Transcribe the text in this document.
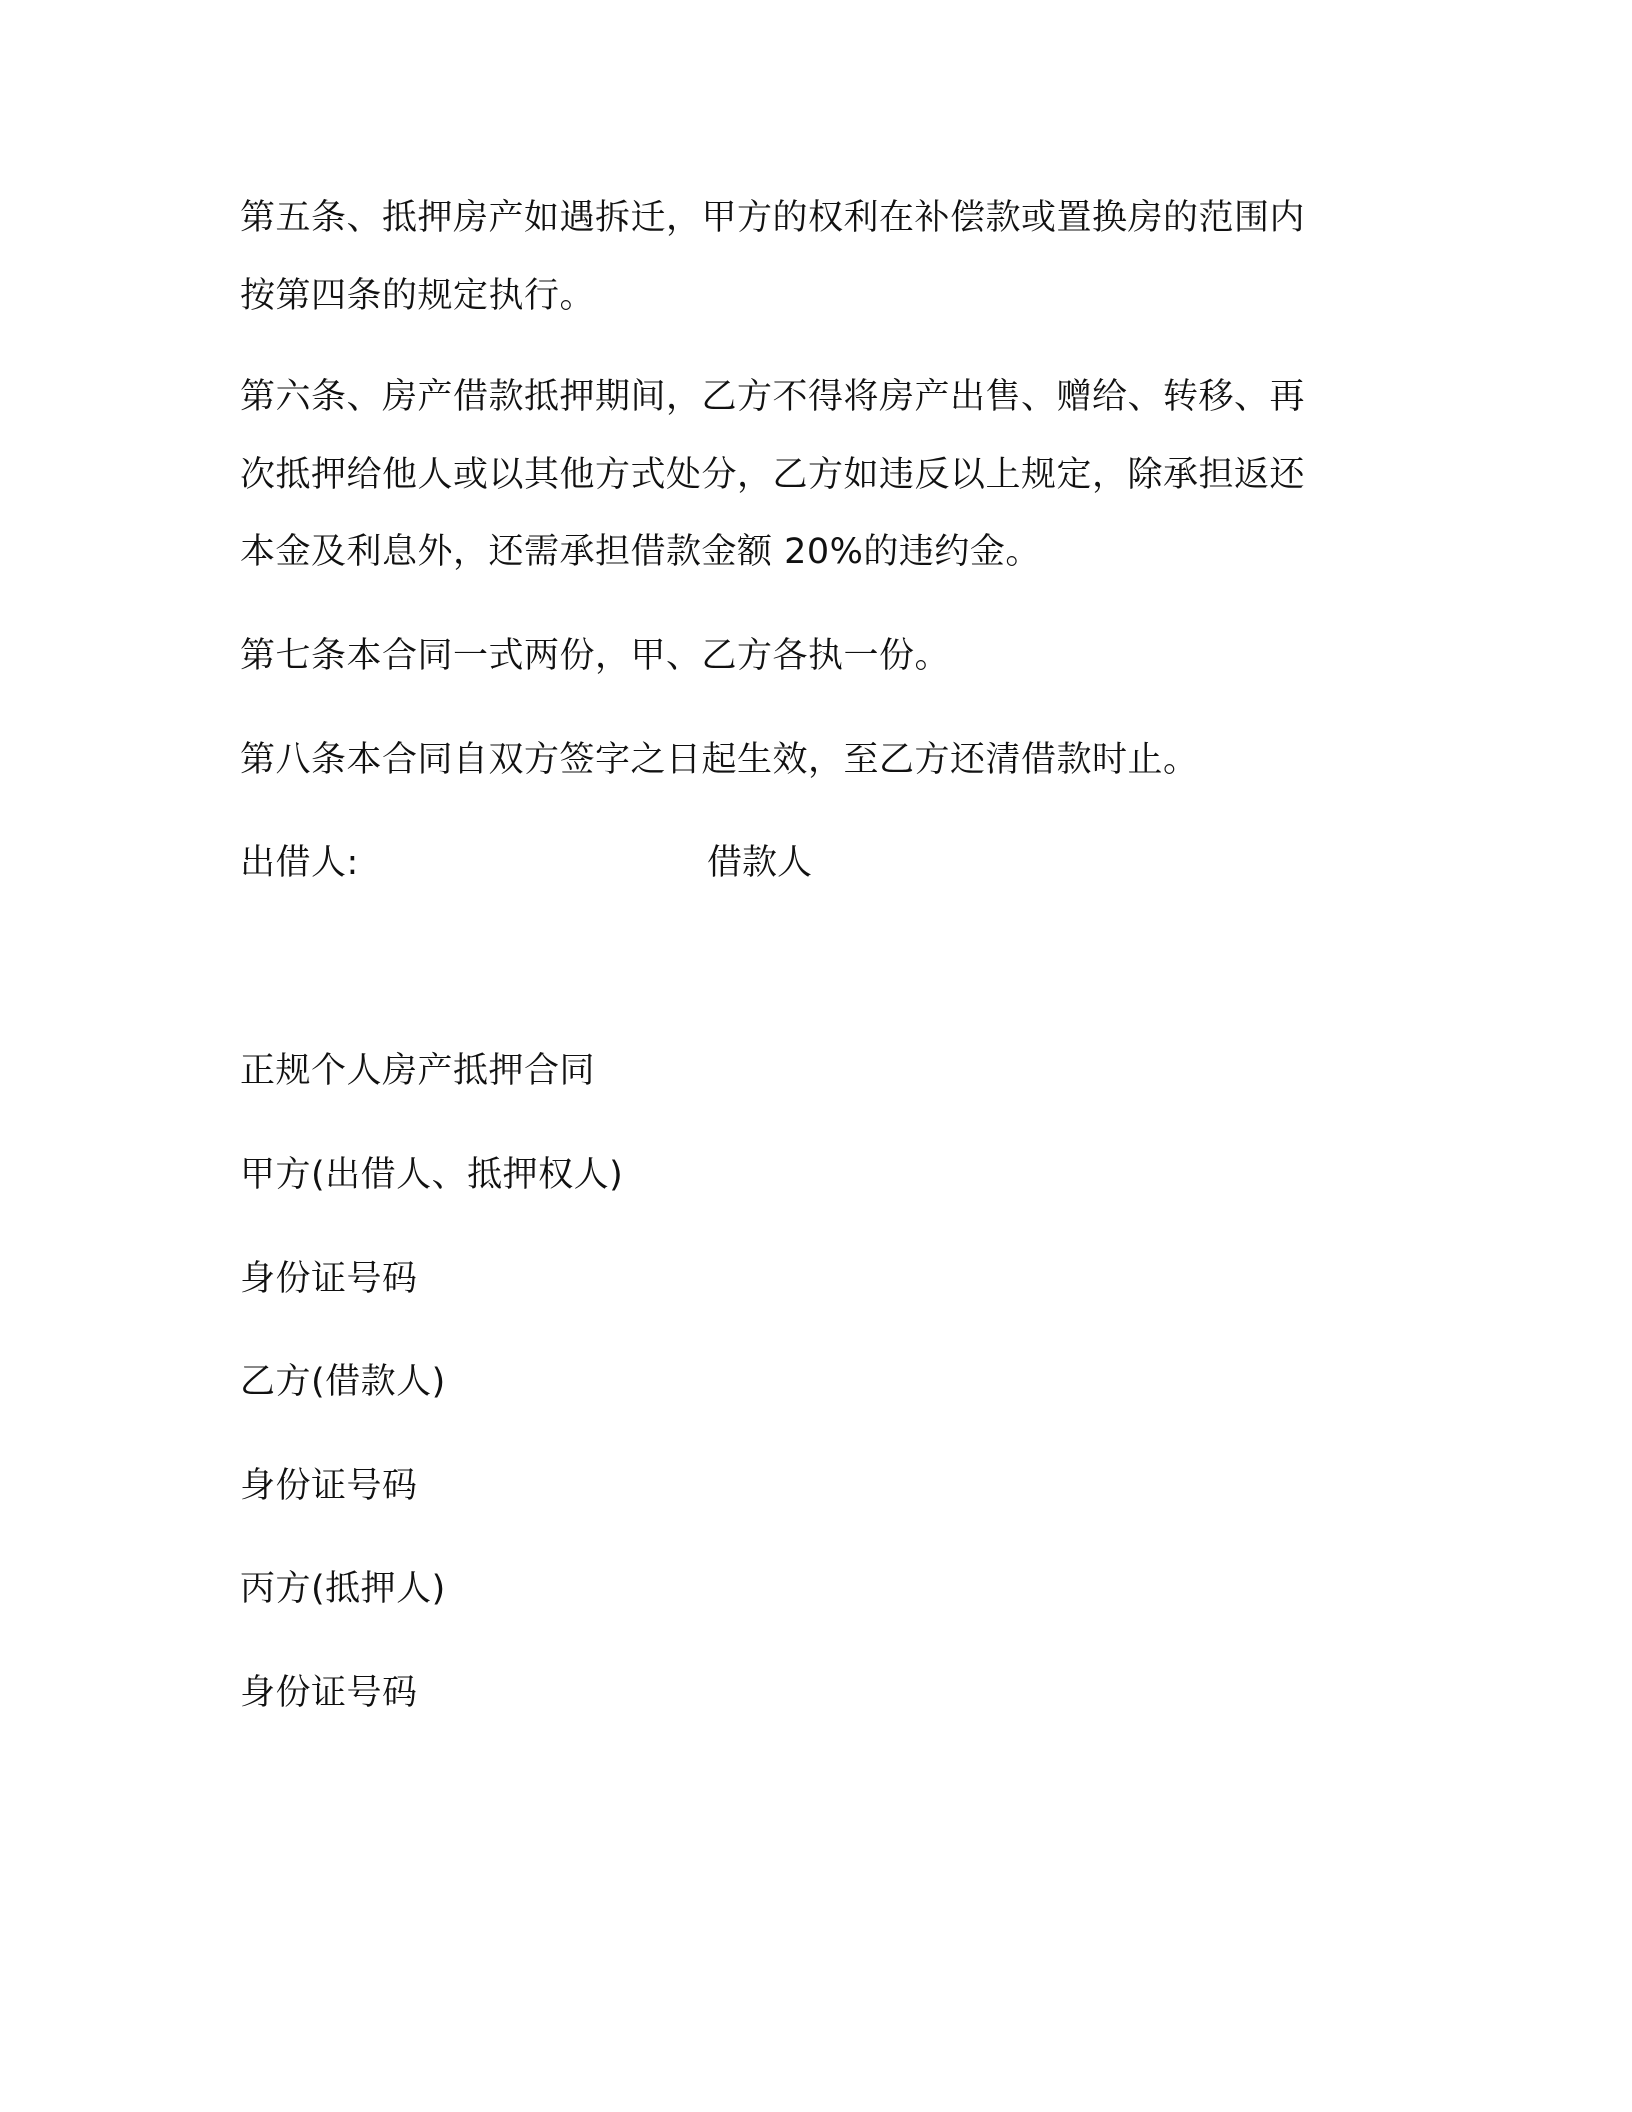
第五条、抵押房产如遇拆迁，甲方的权利在补偿款或置换房的范围内
按第四条的规定执行。
第六条、房产借款抵押期间，乙方不得将房产出售、赠给、转移、再
次抵押给他人或以其他方式处分，乙方如违反以上规定，除承担返还
本金及利息外，还需承担借款金额 20%的违约金。
第七条本合同一式两份，甲、乙方各执一份。
第八条本合同自双方签字之日起生效，至乙方还清借款时止。
出借人:	借款人
正规个人房产抵押合同
甲方(出借人、抵押权人)
身份证号码
乙方(借款人)
身份证号码
丙方(抵押人)
身份证号码
